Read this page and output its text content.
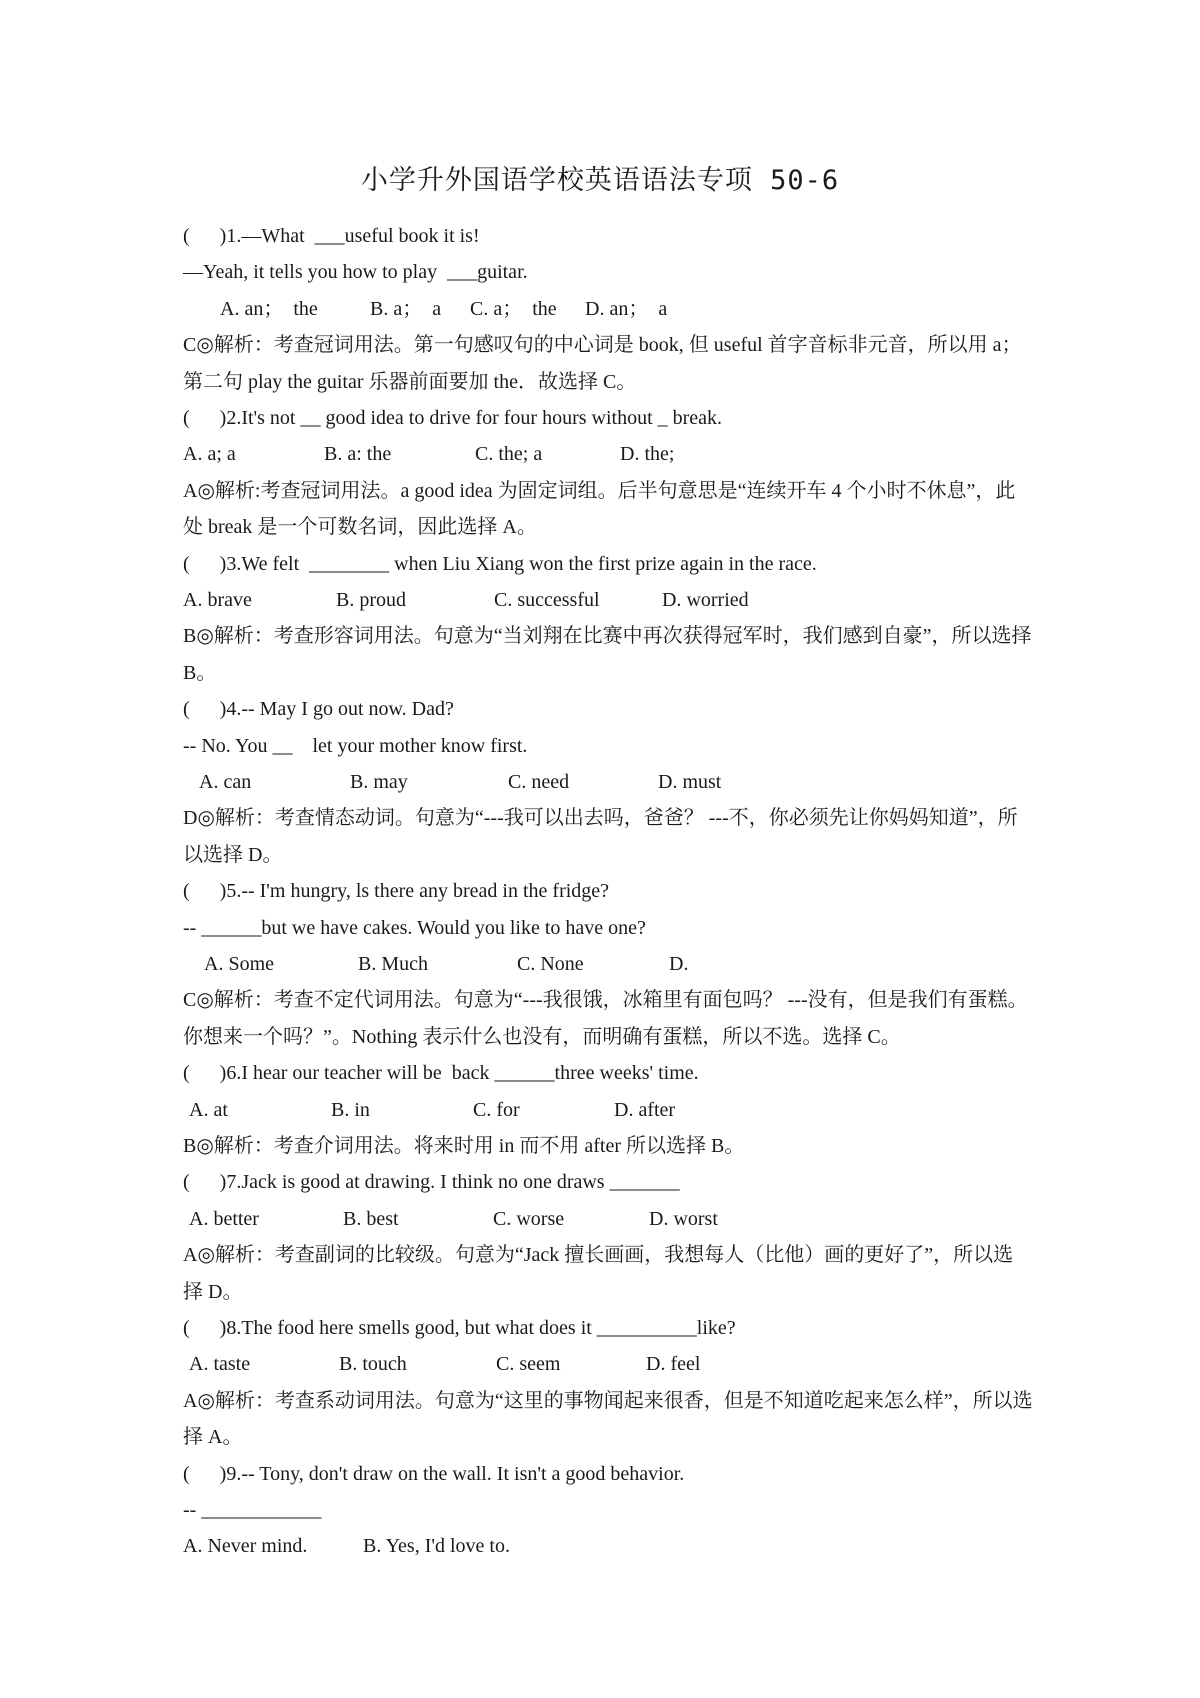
小学升外国语学校英语语法专项 50-6
(      )1.—What  ___useful book it is!
—Yeah, it tells you how to play  ___guitar.
A. an；  the	B. a；  a	C. a；  the	D. an；  a
C◎解析：考查冠词用法。第一句感叹句的中心词是 book, 但 useful 首字音标非元音，所以用 a；第二句 play the guitar 乐器前面要加 the．故选择 C。
(      )2.It's not __ good idea to drive for four hours without _ break.
A. a; a	B. a: the	C. the; a	D. the;
A◎解析:考查冠词用法。a good idea 为固定词组。后半句意思是“连续开车 4 个小时不休息”，此处 break 是一个可数名词，因此选择 A。
(      )3.We felt  ________ when Liu Xiang won the first prize again in the race.
A. brave	B. proud	C. successful	D. worried
B◎解析：考查形容词用法。句意为“当刘翔在比赛中再次获得冠军时，我们感到自豪”，所以选择 B。
(      )4.-- May I go out now. Dad?
-- No. You __    let your mother know first.
A. can	B. may	C. need	D. must
D◎解析：考查情态动词。句意为“---我可以出去吗，爸爸？ ---不，你必须先让你妈妈知道”，所以选择 D。
(      )5.-- I'm hungry, ls there any bread in the fridge?
-- ______but we have cakes. Would you like to have one?
A. Some	B. Much	C. None	D.
C◎解析：考查不定代词用法。句意为“---我很饿，冰箱里有面包吗？ ---没有，但是我们有蛋糕。你想来一个吗？”。Nothing 表示什么也没有，而明确有蛋糕，所以不选。选择 C。
(      )6.I hear our teacher will be  back ______three weeks' time.
A. at	B. in	C. for	D. after
B◎解析：考查介词用法。将来时用 in 而不用 after 所以选择 B。
(      )7.Jack is good at drawing. I think no one draws _______
A. better	B. best	C. worse	D. worst
A◎解析：考查副词的比较级。句意为“Jack 擅长画画，我想每人（比他）画的更好了”，所以选择 D。
(      )8.The food here smells good, but what does it __________like?
A. taste	B. touch	C. seem	D. feel
A◎解析：考查系动词用法。句意为“这里的事物闻起来很香，但是不知道吃起来怎么样”，所以选择 A。
(      )9.-- Tony, don't draw on the wall. It isn't a good behavior.
-- ____________
A. Never mind.	B. Yes, I'd love to.
